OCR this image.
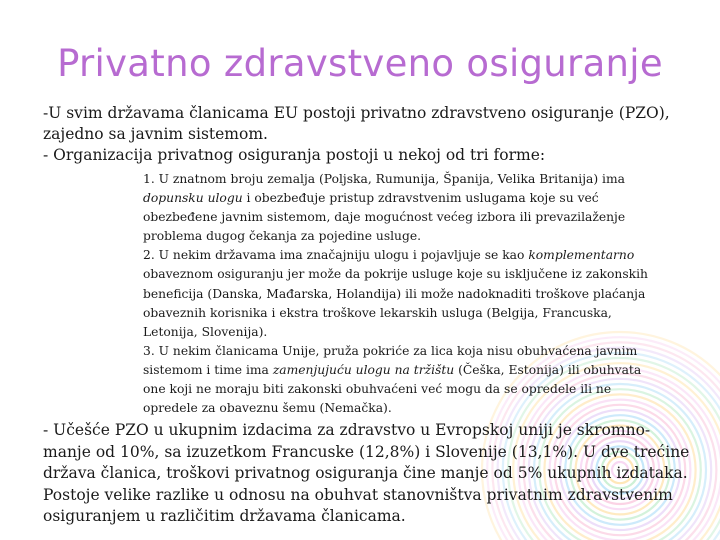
Privatno zdravstveno osiguranje

-U svim državama članicama EU postoji privatno zdravstveno osiguranje (PZO), zajedno sa javnim sistemom.

- Organizacija privatnog osiguranja postoji u nekoj od tri forme:

1. U znatnom broju zemalja (Poljska, Rumunija, Španija, Velika Britanija) ima dopunsku ulogu i obezbeđuje pristup zdravstvenim uslugama koje su već obezbeđene javnim sistemom, daje mogućnost većeg izbora ili prevazilaženje problema dugog čekanja za pojedine usluge.

2. U nekim državama ima značajniju ulogu i pojavljuje se kao komplementarno obaveznom osiguranju jer može da pokrije usluge koje su isključene iz zakonskih beneficija (Danska, Mađarska, Holandija) ili može nadoknaditi troškove plaćanja obaveznih korisnika i ekstra troškove lekarskih usluga (Belgija, Francuska, Letonija, Slovenija).

3. U nekim članicama Unije, pruža pokriće za lica koja nisu obuhvaćena javnim sistemom i time ima zamenjujuću ulogu na tržištu (Češka, Estonija) ili obuhvata one koji ne moraju biti zakonski obuhvaćeni već mogu da se opredele ili ne opredele za obaveznu šemu (Nemačka).

- Učešće PZO u ukupnim izdacima za zdravstvo u Evropskoj uniji je skromno-manje od 10%, sa izuzetkom Francuske (12,8%) i Slovenije (13,1%). U dve trećine država članica, troškovi privatnog osiguranja čine manje od 5% ukupnih izdataka. Postoje velike razlike u odnosu na obuhvat stanovništva privatnim zdravstvenim osiguranjem u različitim državama članicama.
